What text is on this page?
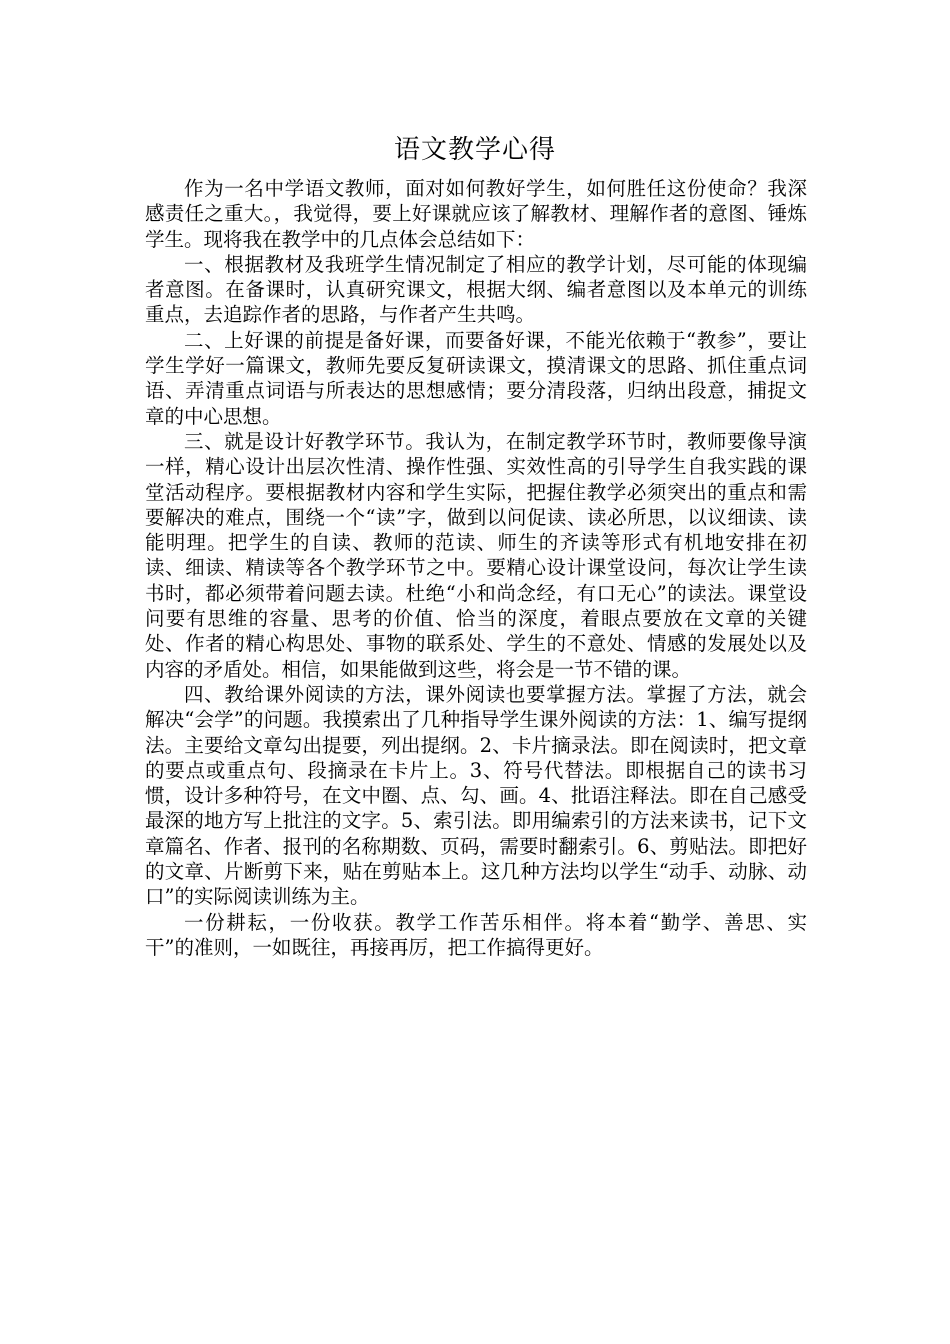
语文教学心得

作为一名中学语文教师，面对如何教好学生，如何胜任这份使命？我深感责任之重大。，我觉得，要上好课就应该了解教材、理解作者的意图、锤炼学生。现将我在教学中的几点体会总结如下：

一、根据教材及我班学生情况制定了相应的教学计划，尽可能的体现编者意图。在备课时，认真研究课文，根据大纲、编者意图以及本单元的训练重点，去追踪作者的思路，与作者产生共鸣。

二、上好课的前提是备好课，而要备好课，不能光依赖于“教参”，要让学生学好一篇课文，教师先要反复研读课文，摸清课文的思路、抓住重点词语、弄清重点词语与所表达的思想感情；要分清段落，归纳出段意，捕捉文章的中心思想。

三、就是设计好教学环节。我认为，在制定教学环节时，教师要像导演一样，精心设计出层次性清、操作性强、实效性高的引导学生自我实践的课堂活动程序。要根据教材内容和学生实际，把握住教学必须突出的重点和需要解决的难点，围绕一个“读”字，做到以问促读、读必所思，以议细读、读能明理。把学生的自读、教师的范读、师生的齐读等形式有机地安排在初读、细读、精读等各个教学环节之中。要精心设计课堂设问，每次让学生读书时，都必须带着问题去读。杜绝“小和尚念经，有口无心”的读法。课堂设问要有思维的容量、思考的价值、恰当的深度，着眼点要放在文章的关键处、作者的精心构思处、事物的联系处、学生的不意处、情感的发展处以及内容的矛盾处。相信，如果能做到这些，将会是一节不错的课。

四、教给课外阅读的方法，课外阅读也要掌握方法。掌握了方法，就会解决“会学”的问题。我摸索出了几种指导学生课外阅读的方法：1、编写提纲法。主要给文章勾出提要，列出提纲。2、卡片摘录法。即在阅读时，把文章的要点或重点句、段摘录在卡片上。3、符号代替法。即根据自己的读书习惯，设计多种符号，在文中圈、点、勾、画。4、批语注释法。即在自己感受最深的地方写上批注的文字。5、索引法。即用编索引的方法来读书，记下文章篇名、作者、报刊的名称期数、页码，需要时翻索引。6、剪贴法。即把好的文章、片断剪下来，贴在剪贴本上。这几种方法均以学生“动手、动脉、动口”的实际阅读训练为主。

一份耕耘，一份收获。教学工作苦乐相伴。将本着“勤学、善思、实干”的准则，一如既往，再接再厉，把工作搞得更好。
